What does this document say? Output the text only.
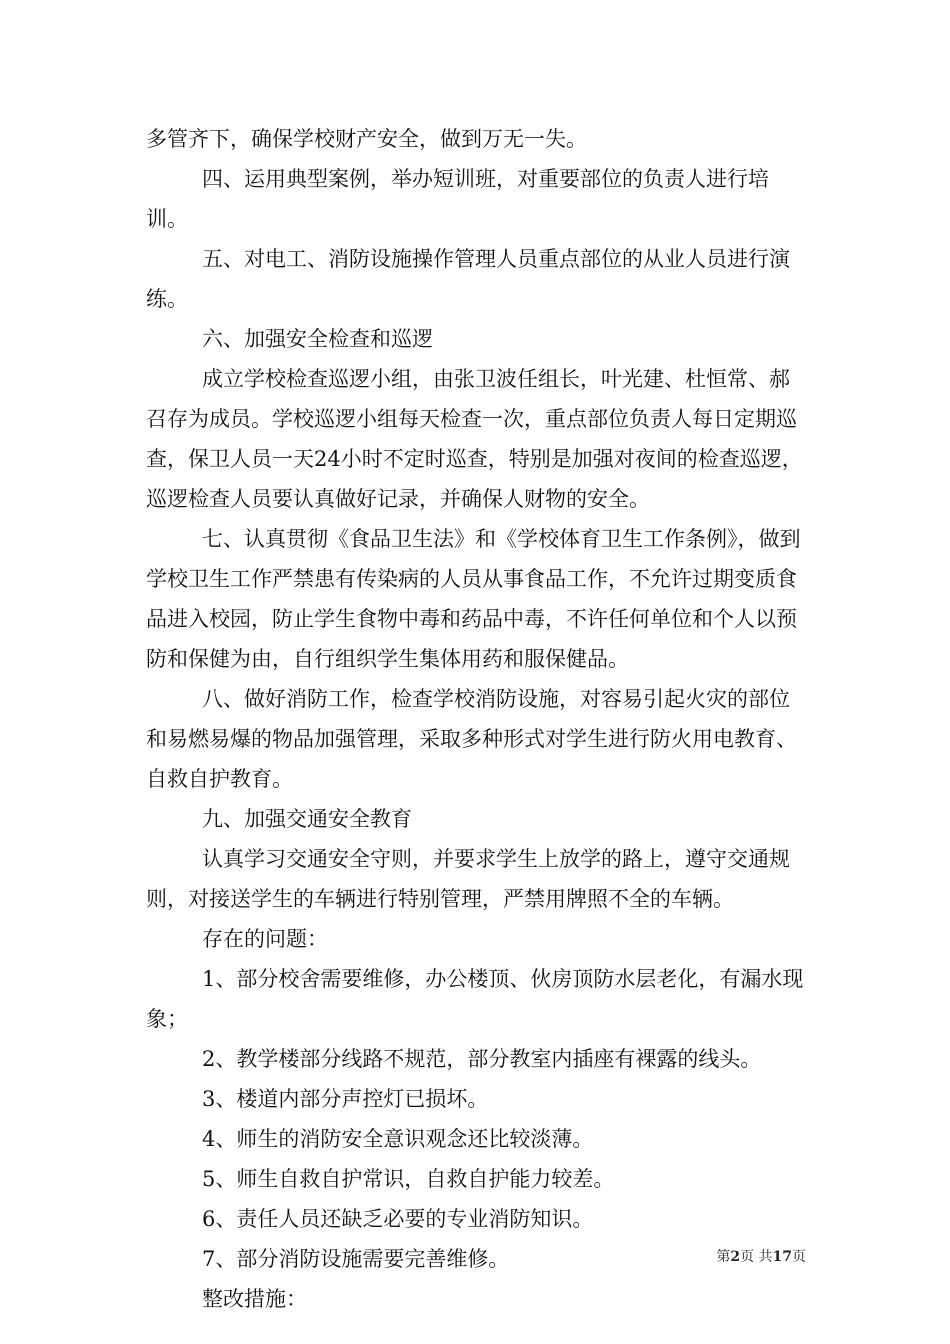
多管齐下，确保学校财产安全，做到万无一失。

四、运用典型案例，举办短训班，对重要部位的负责人进行培训。

五、对电工、消防设施操作管理人员重点部位的从业人员进行演练。

六、加强安全检查和巡逻

成立学校检查巡逻小组，由张卫波任组长，叶光建、杜恒常、郝召存为成员。学校巡逻小组每天检查一次，重点部位负责人每日定期巡查，保卫人员一天24小时不定时巡查，特别是加强对夜间的检查巡逻，巡逻检查人员要认真做好记录，并确保人财物的安全。

七、认真贯彻《食品卫生法》和《学校体育卫生工作条例》，做到学校卫生工作严禁患有传染病的人员从事食品工作，不允许过期变质食品进入校园，防止学生食物中毒和药品中毒，不许任何单位和个人以预防和保健为由，自行组织学生集体用药和服保健品。

八、做好消防工作，检查学校消防设施，对容易引起火灾的部位和易燃易爆的物品加强管理，采取多种形式对学生进行防火用电教育、自救自护教育。

九、加强交通安全教育

认真学习交通安全守则，并要求学生上放学的路上，遵守交通规则，对接送学生的车辆进行特别管理，严禁用牌照不全的车辆。

存在的问题：

1、部分校舍需要维修，办公楼顶、伙房顶防水层老化，有漏水现象；

2、教学楼部分线路不规范，部分教室内插座有裸露的线头。

3、楼道内部分声控灯已损坏。

4、师生的消防安全意识观念还比较淡薄。

5、师生自救自护常识，自救自护能力较差。

6、责任人员还缺乏必要的专业消防知识。

7、部分消防设施需要完善维修。

整改措施：

第2页 共17页
